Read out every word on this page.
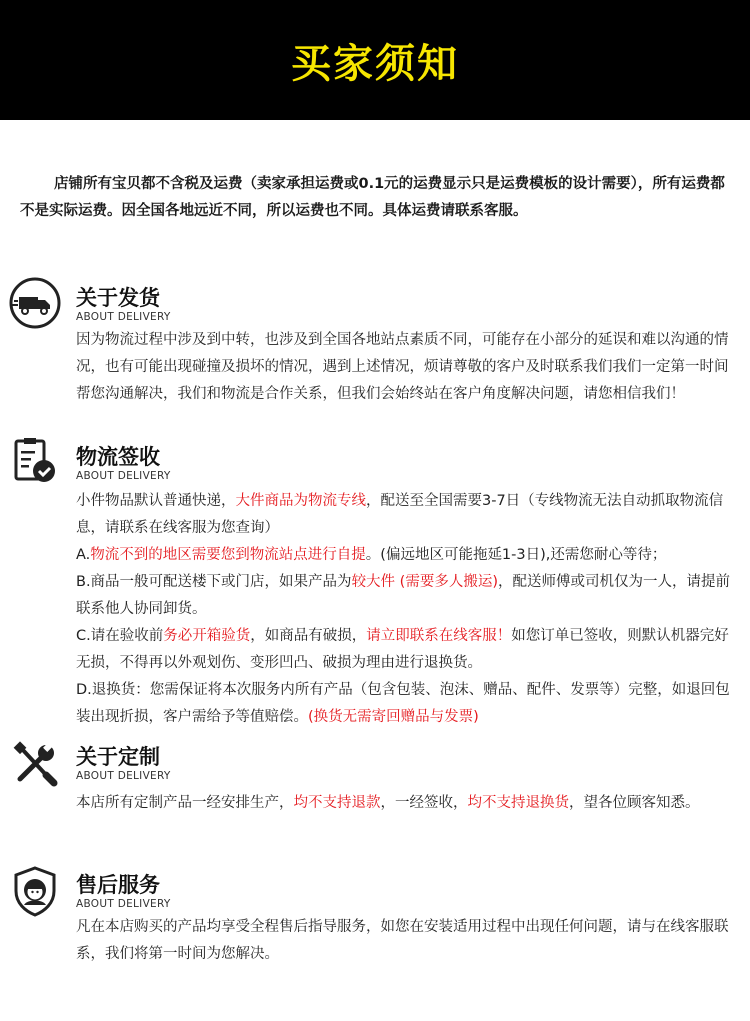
买家须知
店铺所有宝贝都不含税及运费（卖家承担运费或0.1元的运费显示只是运费模板的设计需要），所有运费都不是实际运费。因全国各地远近不同，所以运费也不同。具体运费请联系客服。
关于发货
ABOUT DELIVERY

因为物流过程中涉及到中转，也涉及到全国各地站点素质不同，可能存在小部分的延误和难以沟通的情况，也有可能出现碰撞及损坏的情况，遇到上述情况，烦请尊敬的客户及时联系我们我们一定第一时间帮您沟通解决，我们和物流是合作关系，但我们会始终站在客户角度解决问题，请您相信我们！

物流签收
ABOUT DELIVERY

小件物品默认普通快递，大件商品为物流专线，配送至全国需要3-7日（专线物流无法自动抓取物流信息，请联系在线客服为您查询）

A.物流不到的地区需要您到物流站点进行自提。(偏远地区可能拖延1-3日),还需您耐心等待；

B.商品一般可配送楼下或门店，如果产品为较大件 (需要多人搬运)，配送师傅或司机仅为一人，请提前联系他人协同卸货。

C.请在验收前务必开箱验货，如商品有破损，请立即联系在线客服！如您订单已签收，则默认机器完好无损，不得再以外观划伤、变形凹凸、破损为理由进行退换货。

D.退换货：您需保证将本次服务内所有产品（包含包装、泡沫、赠品、配件、发票等）完整，如退回包装出现折损，客户需给予等值赔偿。(换货无需寄回赠品与发票)

关于定制
ABOUT DELIVERY

本店所有定制产品一经安排生产，均不支持退款，一经签收，均不支持退换货，望各位顾客知悉。

售后服务
ABOUT DELIVERY

凡在本店购买的产品均享受全程售后指导服务，如您在安装适用过程中出现任何问题，请与在线客服联系，我们将第一时间为您解决。
